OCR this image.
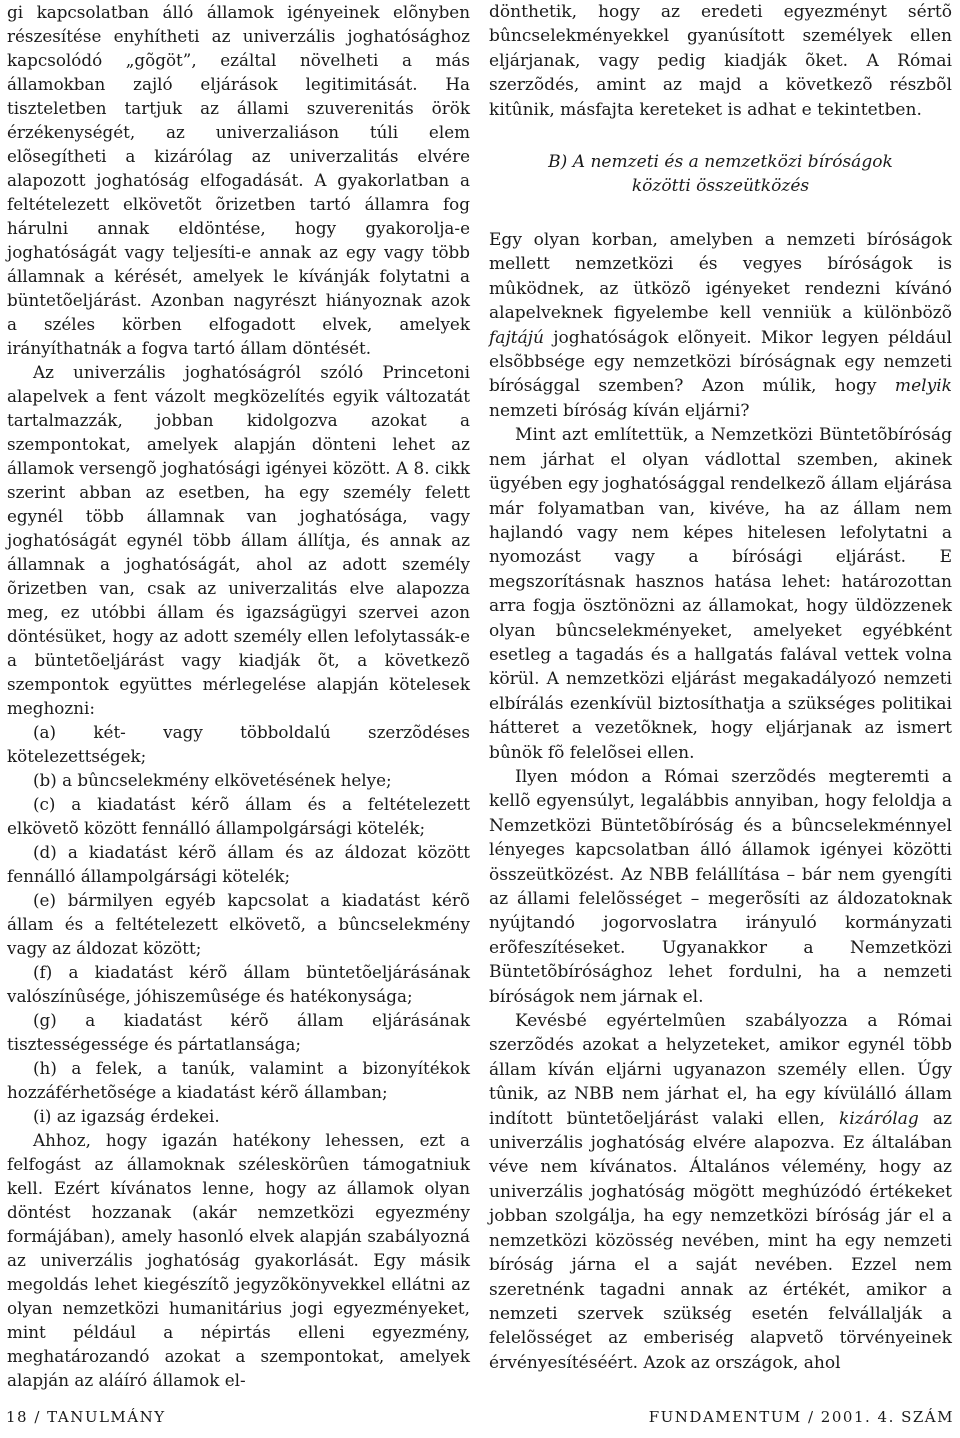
gi kapcsolatban álló államok igényeinek elõnyben részesítése enyhítheti az univerzális joghatósághoz kapcsolódó „gõgöt”, ezáltal növelheti a más államokban zajló eljárások legitimitását. Ha tiszteletben tartjuk az állami szuverenitás örök érzékenységét, az univerzaliáson túli elem elõsegítheti a kizárólag az univerzalitás elvére alapozott joghatóság elfogadását. A gyakorlatban a feltételezett elkövetõt õrizetben tartó államra fog hárulni annak eldöntése, hogy gyakorolja-e joghatóságát vagy teljesíti-e annak az egy vagy több államnak a kérését, amelyek le kívánják folytatni a büntetõeljárást. Azonban nagyrészt hiányoznak azok a széles körben elfogadott elvek, amelyek irányíthatnák a fogva tartó állam döntését.

Az univerzális joghatóságról szóló Princetoni alapelvek a fent vázolt megközelítés egyik változatát tartalmazzák, jobban kidolgozva azokat a szempontokat, amelyek alapján dönteni lehet az államok versengõ joghatósági igényei között. A 8. cikk szerint abban az esetben, ha egy személy felett egynél több államnak van joghatósága, vagy joghatóságát egynél több állam állítja, és annak az államnak a joghatóságát, ahol az adott személy õrizetben van, csak az univerzalitás elve alapozza meg, ez utóbbi állam és igazságügyi szervei azon döntésüket, hogy az adott személy ellen lefolytassák-e a büntetõeljárást vagy kiadják õt, a következõ szempontok együttes mérlegelése alapján kötelesek meghozni:

(a) két- vagy többoldalú szerzõdéses kötelezettségek;

(b) a bûncselekmény elkövetésének helye;

(c) a kiadatást kérõ állam és a feltételezett elkövetõ között fennálló állampolgársági kötelék;

(d) a kiadatást kérõ állam és az áldozat között fennálló állampolgársági kötelék;

(e) bármilyen egyéb kapcsolat a kiadatást kérõ állam és a feltételezett elkövetõ, a bûncselekmény vagy az áldozat között;

(f) a kiadatást kérõ állam büntetõeljárásának valószínûsége, jóhiszemûsége és hatékonysága;

(g) a kiadatást kérõ állam eljárásának tisztességessége és pártatlansága;

(h) a felek, a tanúk, valamint a bizonyítékok hozzáférhetõsége a kiadatást kérõ államban;

(i) az igazság érdekei.

Ahhoz, hogy igazán hatékony lehessen, ezt a felfogást az államoknak széleskörûen támogatniuk kell. Ezért kívánatos lenne, hogy az államok olyan döntést hozzanak (akár nemzetközi egyezmény formájában), amely hasonló elvek alapján szabályozná az univerzális joghatóság gyakorlását. Egy másik megoldás lehet kiegészítõ jegyzõkönyvekkel ellátni az olyan nemzetközi humanitárius jogi egyezményeket, mint például a népirtás elleni egyezmény, meghatározandó azokat a szempontokat, amelyek alapján az aláíró államok el-

dönthetik, hogy az eredeti egyezményt sértõ bûncselekményekkel gyanúsított személyek ellen eljárjanak, vagy pedig kiadják õket. A Római szerzõdés, amint az majd a következõ részbõl kitûnik, másfajta kereteket is adhat e tekintetben.

B) A nemzeti és a nemzetközi bíróságok
közötti összeütközés

Egy olyan korban, amelyben a nemzeti bíróságok mellett nemzetközi és vegyes bíróságok is mûködnek, az ütközõ igényeket rendezni kívánó alapelveknek figyelembe kell venniük a különbözõ fajtájú joghatóságok elõnyeit. Mikor legyen például elsõbbsége egy nemzetközi bíróságnak egy nemzeti bírósággal szemben? Azon múlik, hogy melyik nemzeti bíróság kíván eljárni?

Mint azt említettük, a Nemzetközi Büntetõbíróság nem járhat el olyan vádlottal szemben, akinek ügyében egy joghatósággal rendelkezõ állam eljárása már folyamatban van, kivéve, ha az állam nem hajlandó vagy nem képes hitelesen lefolytatni a nyomozást vagy a bírósági eljárást. E megszorításnak hasznos hatása lehet: határozottan arra fogja ösztönözni az államokat, hogy üldözzenek olyan bûncselekményeket, amelyeket egyébként esetleg a tagadás és a hallgatás falával vettek volna körül. A nemzetközi eljárást megakadályozó nemzeti elbírálás ezenkívül biztosíthatja a szükséges politikai hátteret a vezetõknek, hogy eljárjanak az ismert bûnök fõ felelõsei ellen.

Ilyen módon a Római szerzõdés megteremti a kellõ egyensúlyt, legalábbis annyiban, hogy feloldja a Nemzetközi Büntetõbíróság és a bûncselekménnyel lényeges kapcsolatban álló államok igényei közötti összeütközést. Az NBB felállítása – bár nem gyengíti az állami felelõsséget – megerõsíti az áldozatoknak nyújtandó jogorvoslatra irányuló kormányzati erõfeszítéseket. Ugyanakkor a Nemzetközi Büntetõbírósághoz lehet fordulni, ha a nemzeti bíróságok nem járnak el.

Kevésbé egyértelmûen szabályozza a Római szerzõdés azokat a helyzeteket, amikor egynél több állam kíván eljárni ugyanazon személy ellen. Úgy tûnik, az NBB nem járhat el, ha egy kívülálló állam indított büntetõeljárást valaki ellen, kizárólag az univerzális joghatóság elvére alapozva. Ez általában véve nem kívánatos. Általános vélemény, hogy az univerzális joghatóság mögött meghúzódó értékeket jobban szolgálja, ha egy nemzetközi bíróság jár el a nemzetközi közösség nevében, mint ha egy nemzeti bíróság járna el a saját nevében. Ezzel nem szeretnénk tagadni annak az értékét, amikor a nemzeti szervek szükség esetén felvállalják a felelõsséget az emberiség alapvetõ törvényeinek érvényesítéséért. Azok az országok, ahol

18 / TANULMÁNY	FUNDAMENTUM / 2001. 4. SZÁM
